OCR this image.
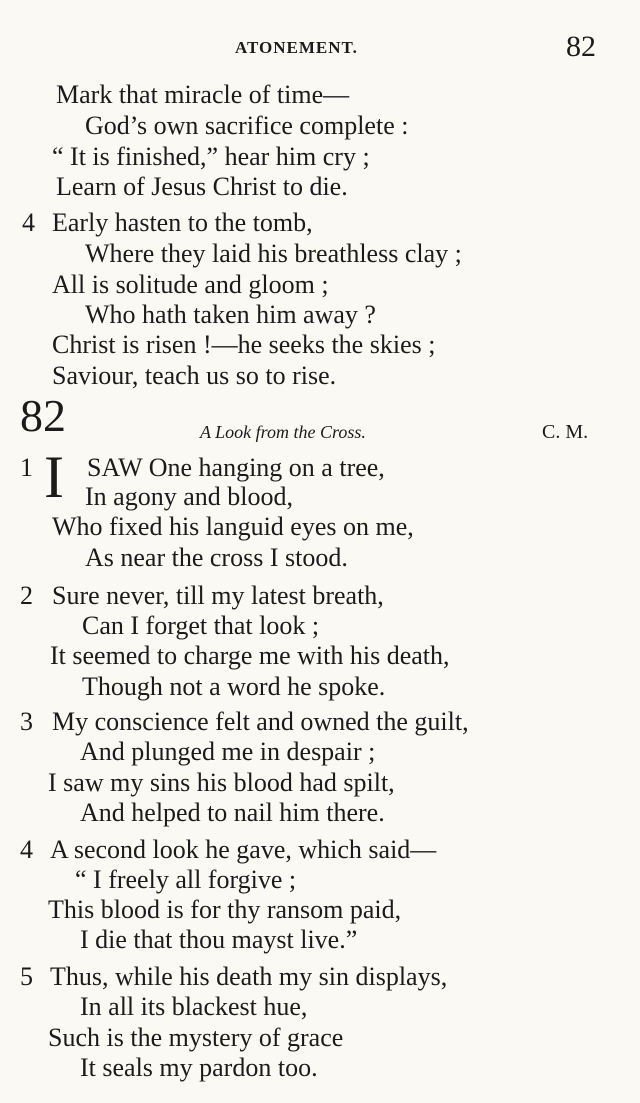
ATONEMENT.	82
Mark that miracle of time—
God’s own sacrifice complete :
“ It is finished,” hear him cry ;
Learn of Jesus Christ to die.
4 Early hasten to the tomb,
Where they laid his breathless clay ;
All is solitude and gloom ;
Who hath taken him away ?
Christ is risen !—he seeks the skies ;
Saviour, teach us so to rise.
82	A Look from the Cross.	C. M.
1 I SAW One hanging on a tree,
In agony and blood,
Who fixed his languid eyes on me,
As near the cross I stood.
2 Sure never, till my latest breath,
Can I forget that look ;
It seemed to charge me with his death,
Though not a word he spoke.
3 My conscience felt and owned the guilt,
And plunged me in despair ;
I saw my sins his blood had spilt,
And helped to nail him there.
4 A second look he gave, which said—
“ I freely all forgive ;
This blood is for thy ransom paid,
I die that thou mayst live.”
5 Thus, while his death my sin displays,
In all its blackest hue,
Such is the mystery of grace
It seals my pardon too.
